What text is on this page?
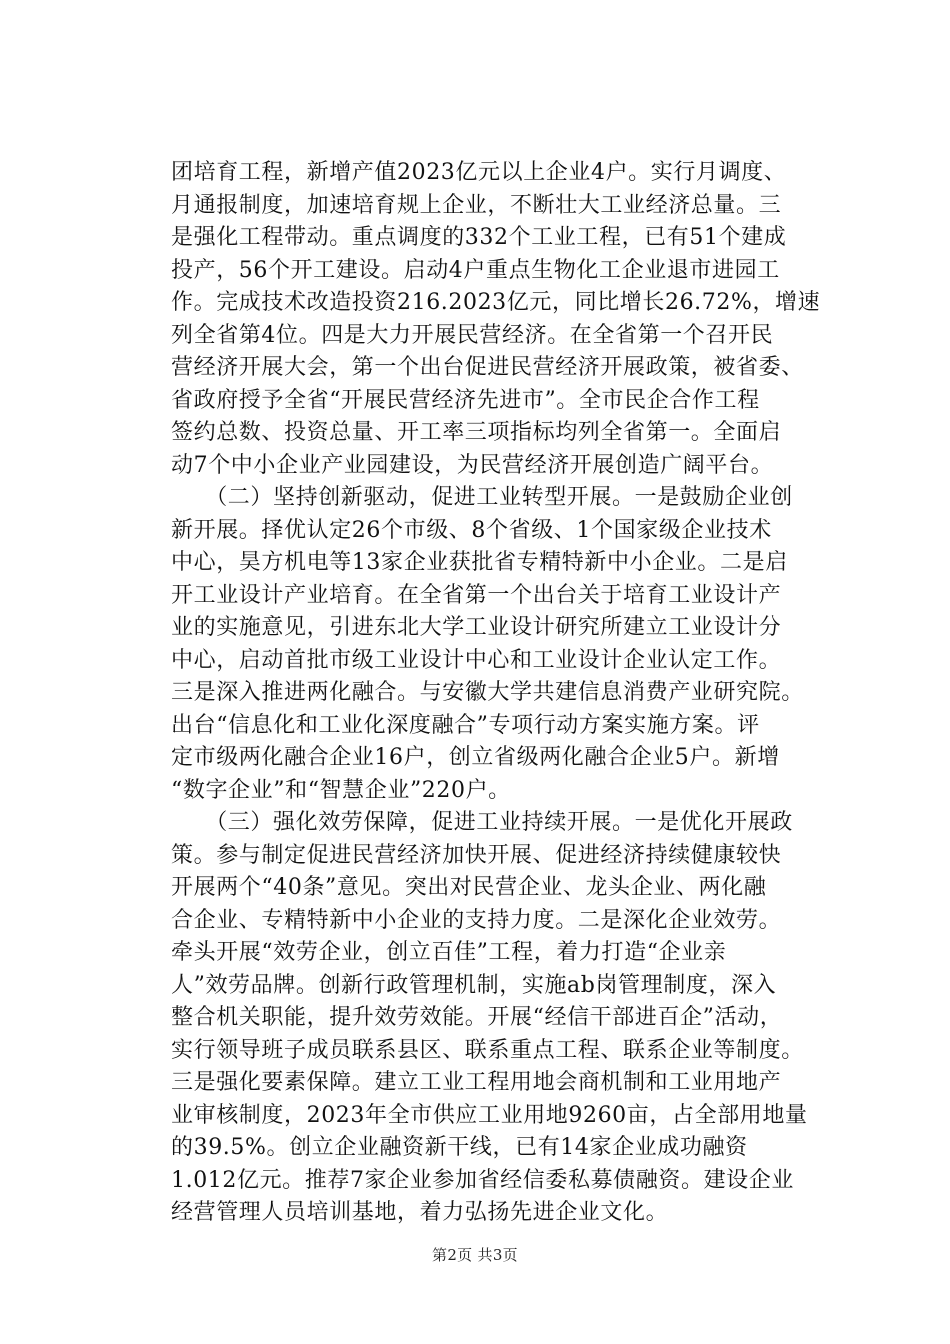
团培育工程，新增产值2023亿元以上企业4户。实行月调度、
月通报制度，加速培育规上企业，不断壮大工业经济总量。三
是强化工程带动。重点调度的332个工业工程，已有51个建成
投产，56个开工建设。启动4户重点生物化工企业退市进园工
作。完成技术改造投资216.2023亿元，同比增长26.72%，增速
列全省第4位。四是大力开展民营经济。在全省第一个召开民
营经济开展大会，第一个出台促进民营经济开展政策，被省委、
省政府授予全省“开展民营经济先进市”。全市民企合作工程
签约总数、投资总量、开工率三项指标均列全省第一。全面启
动7个中小企业产业园建设，为民营经济开展创造广阔平台。
　　（二）坚持创新驱动，促进工业转型开展。一是鼓励企业创
新开展。择优认定26个市级、8个省级、1个国家级企业技术
中心，昊方机电等13家企业获批省专精特新中小企业。二是启
开工业设计产业培育。在全省第一个出台关于培育工业设计产
业的实施意见，引进东北大学工业设计研究所建立工业设计分
中心，启动首批市级工业设计中心和工业设计企业认定工作。
三是深入推进两化融合。与安徽大学共建信息消费产业研究院。
出台“信息化和工业化深度融合”专项行动方案实施方案。评
定市级两化融合企业16户，创立省级两化融合企业5户。新增
“数字企业”和“智慧企业”220户。
　　（三）强化效劳保障，促进工业持续开展。一是优化开展政
策。参与制定促进民营经济加快开展、促进经济持续健康较快
开展两个“40条”意见。突出对民营企业、龙头企业、两化融
合企业、专精特新中小企业的支持力度。二是深化企业效劳。
牵头开展“效劳企业，创立百佳”工程，着力打造“企业亲
人”效劳品牌。创新行政管理机制，实施ab岗管理制度，深入
整合机关职能，提升效劳效能。开展“经信干部进百企”活动，
实行领导班子成员联系县区、联系重点工程、联系企业等制度。
三是强化要素保障。建立工业工程用地会商机制和工业用地产
业审核制度，2023年全市供应工业用地9260亩，占全部用地量
的39.5%。创立企业融资新干线，已有14家企业成功融资
1.012亿元。推荐7家企业参加省经信委私募债融资。建设企业
经营管理人员培训基地，着力弘扬先进企业文化。
第2页 共3页
